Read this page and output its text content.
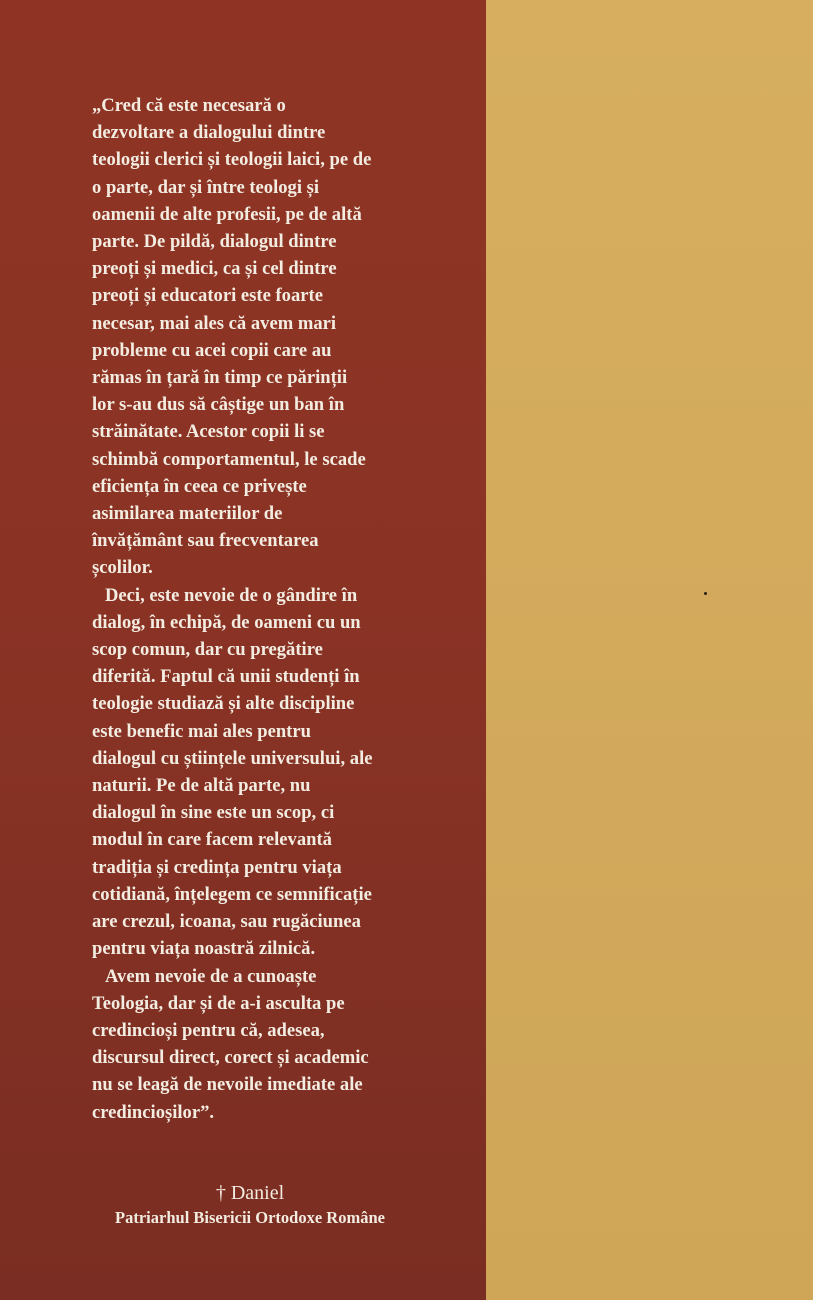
„Cred că este necesară o
dezvoltare a dialogului dintre
teologii clerici și teologii laici, pe de
o parte, dar și între teologi și
oamenii de alte profesii, pe de altă
parte. De pildă, dialogul dintre
preoți și medici, ca și cel dintre
preoți și educatori este foarte
necesar, mai ales că avem mari
probleme cu acei copii care au
rămas în țară în timp ce părinții
lor s-au dus să câștige un ban în
străinătate. Acestor copii li se
schimbă comportamentul, le scade
eficiența în ceea ce privește
asimilarea materiilor de
învățământ sau frecventarea
școlilor.

Deci, este nevoie de o gândire în
dialog, în echipă, de oameni cu un
scop comun, dar cu pregătire
diferită. Faptul că unii studenți în
teologie studiază și alte discipline
este benefic mai ales pentru
dialogul cu științele universului, ale
naturii. Pe de altă parte, nu
dialogul în sine este un scop, ci
modul în care facem relevantă
tradiția și credința pentru viața
cotidiană, înțelegem ce semnificație
are crezul, icoana, sau rugăciunea
pentru viața noastră zilnică.

Avem nevoie de a cunoaște
Teologia, dar și de a-i asculta pe
credincioși pentru că, adesea,
discursul direct, corect și academic
nu se leagă de nevoile imediate ale
credincioșilor”.

† Daniel
Patriarhul Bisericii Ortodoxe Române
